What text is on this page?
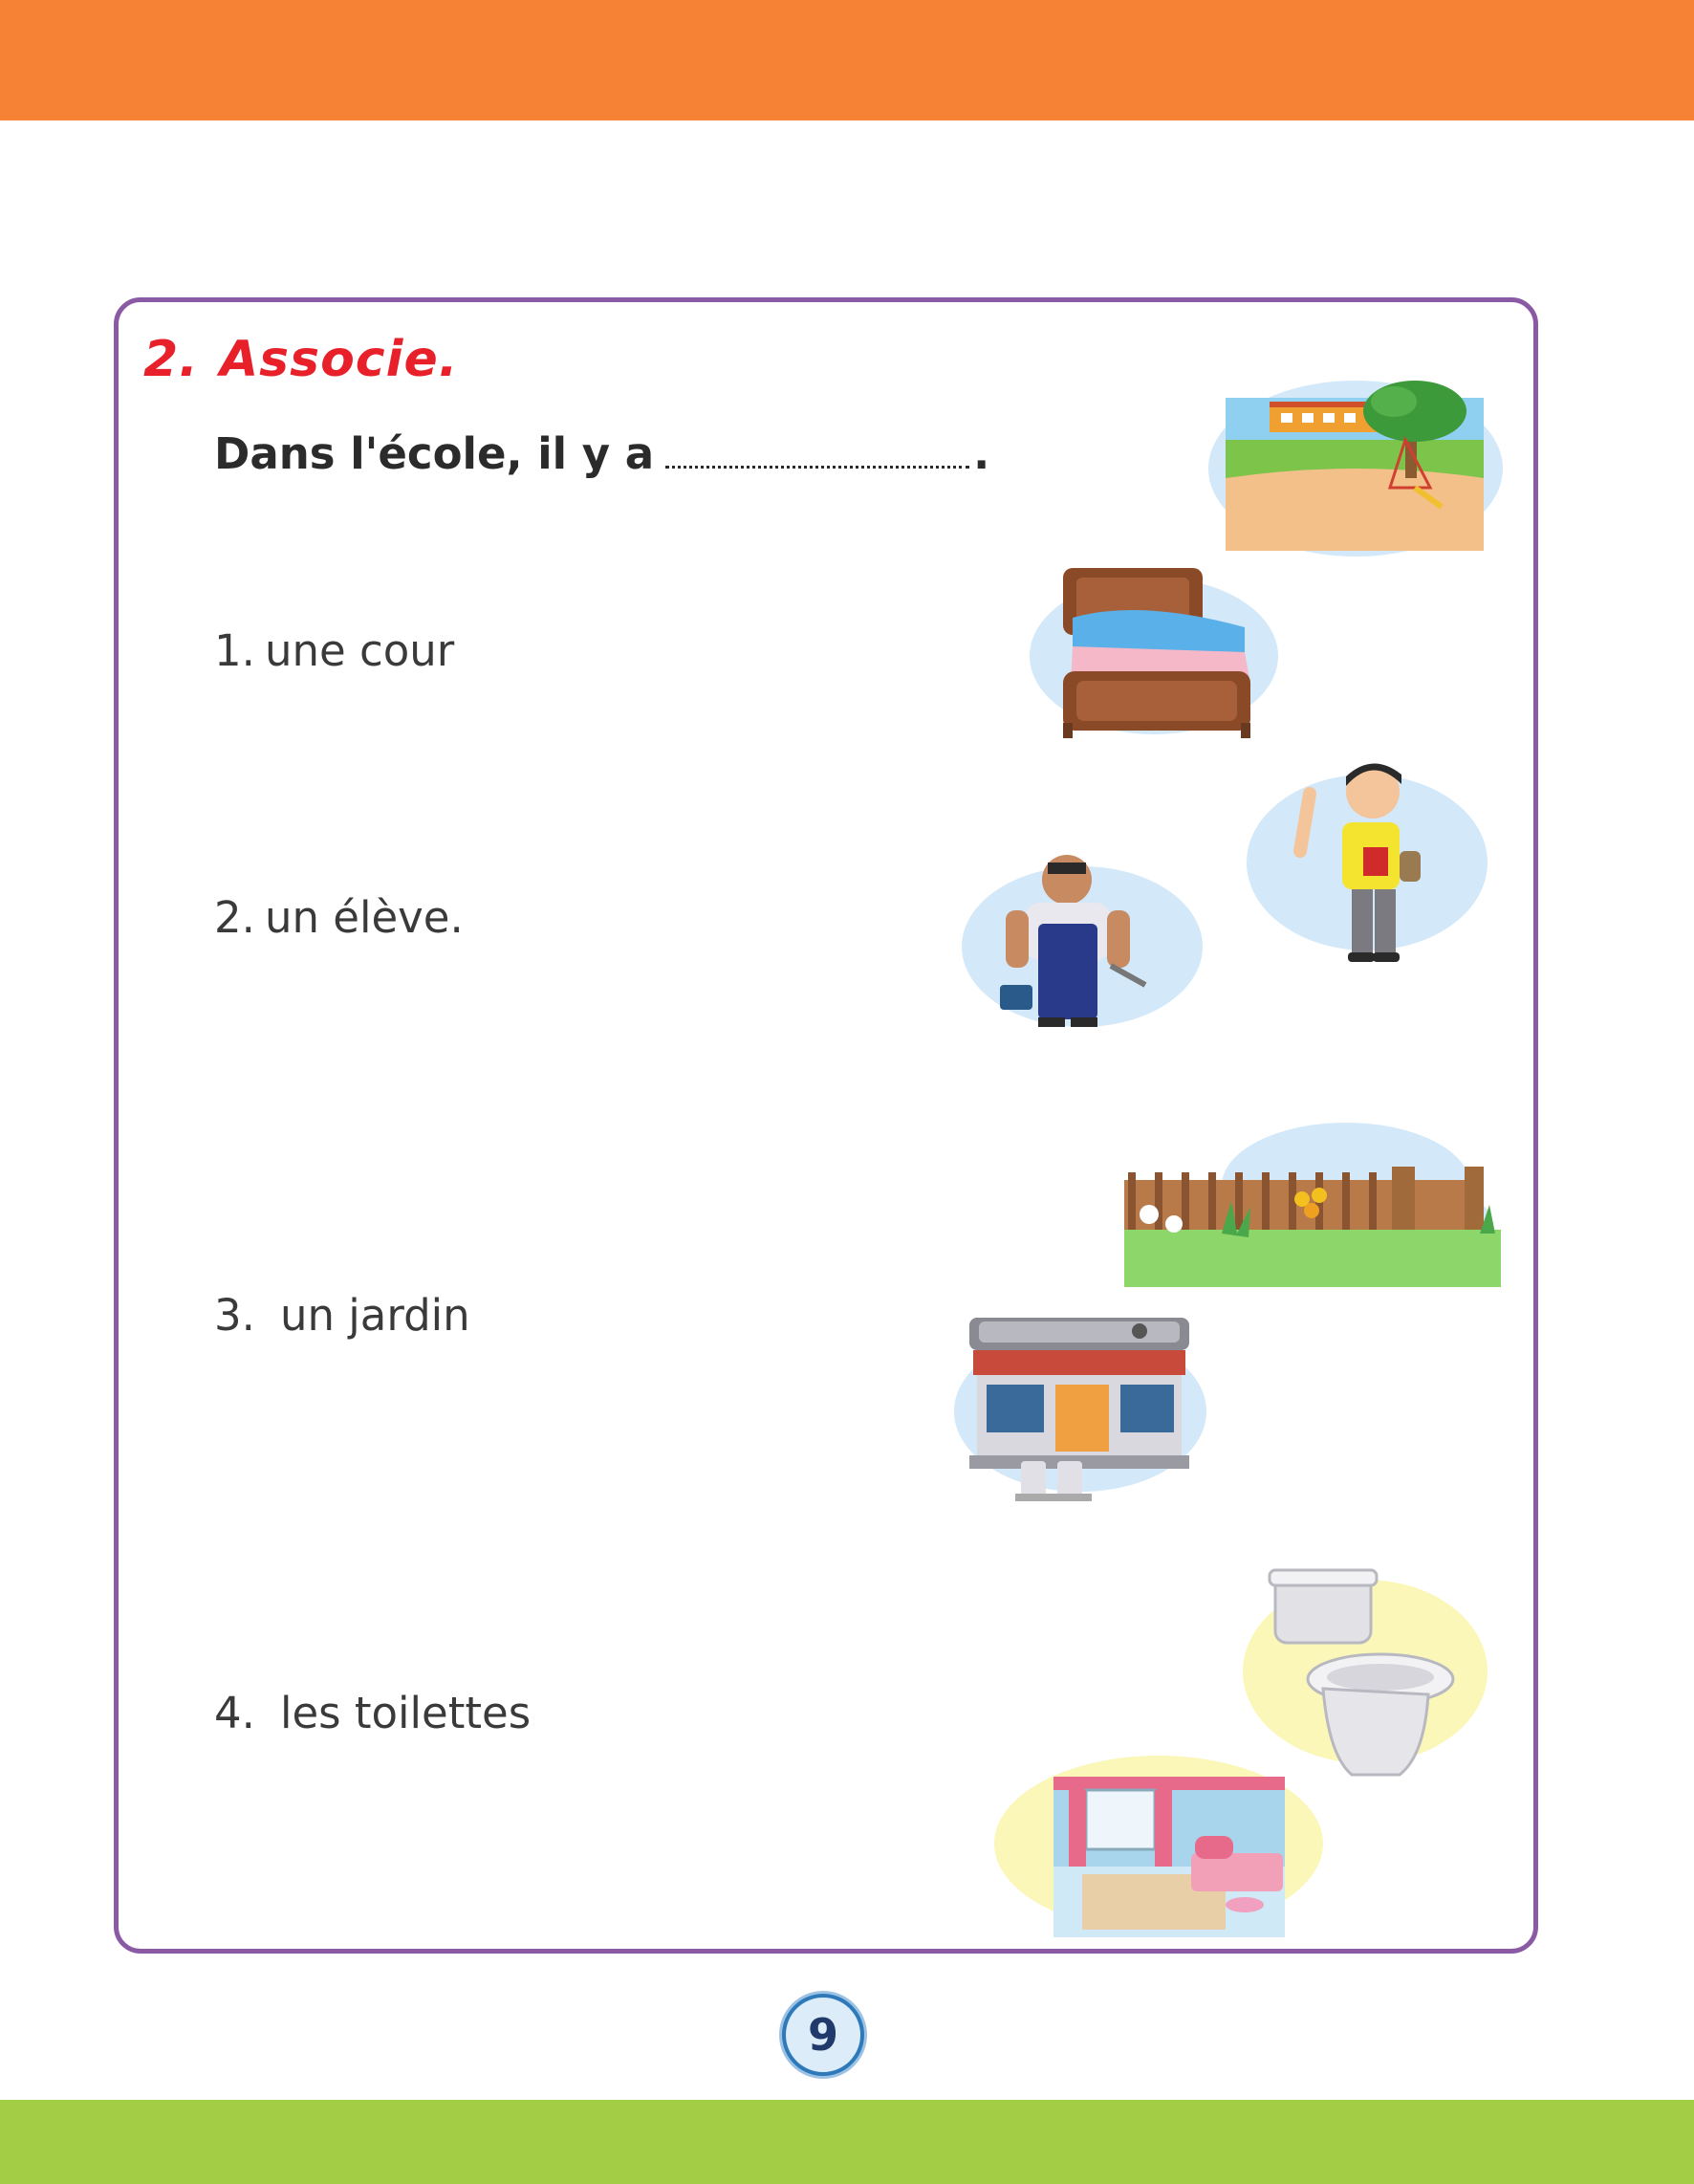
2. Associe.

Dans l'école, il y a	.

1. une cour

2. un élève.

3. un jardin

4. les toilettes

9
